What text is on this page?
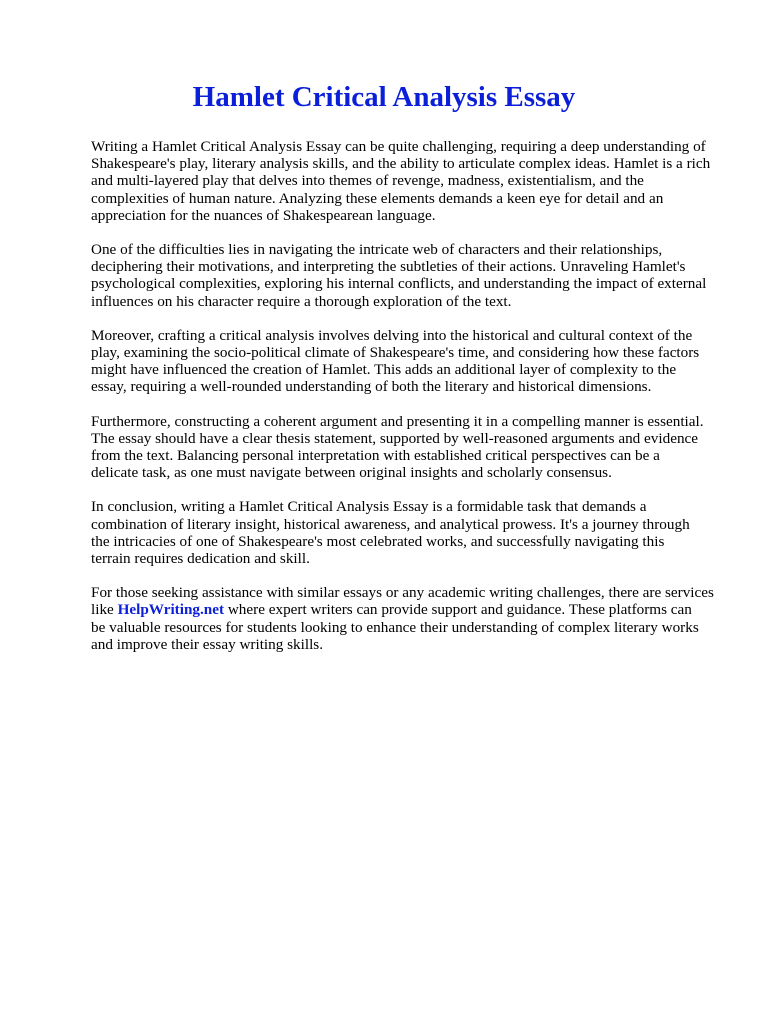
Hamlet Critical Analysis Essay

Writing a Hamlet Critical Analysis Essay can be quite challenging, requiring a deep understanding of
Shakespeare's play, literary analysis skills, and the ability to articulate complex ideas. Hamlet is a rich
and multi-layered play that delves into themes of revenge, madness, existentialism, and the
complexities of human nature. Analyzing these elements demands a keen eye for detail and an
appreciation for the nuances of Shakespearean language.

One of the difficulties lies in navigating the intricate web of characters and their relationships,
deciphering their motivations, and interpreting the subtleties of their actions. Unraveling Hamlet's
psychological complexities, exploring his internal conflicts, and understanding the impact of external
influences on his character require a thorough exploration of the text.

Moreover, crafting a critical analysis involves delving into the historical and cultural context of the
play, examining the socio-political climate of Shakespeare's time, and considering how these factors
might have influenced the creation of Hamlet. This adds an additional layer of complexity to the
essay, requiring a well-rounded understanding of both the literary and historical dimensions.

Furthermore, constructing a coherent argument and presenting it in a compelling manner is essential.
The essay should have a clear thesis statement, supported by well-reasoned arguments and evidence
from the text. Balancing personal interpretation with established critical perspectives can be a
delicate task, as one must navigate between original insights and scholarly consensus.

In conclusion, writing a Hamlet Critical Analysis Essay is a formidable task that demands a
combination of literary insight, historical awareness, and analytical prowess. It's a journey through
the intricacies of one of Shakespeare's most celebrated works, and successfully navigating this
terrain requires dedication and skill.

For those seeking assistance with similar essays or any academic writing challenges, there are services
like HelpWriting.net where expert writers can provide support and guidance. These platforms can
be valuable resources for students looking to enhance their understanding of complex literary works
and improve their essay writing skills.
